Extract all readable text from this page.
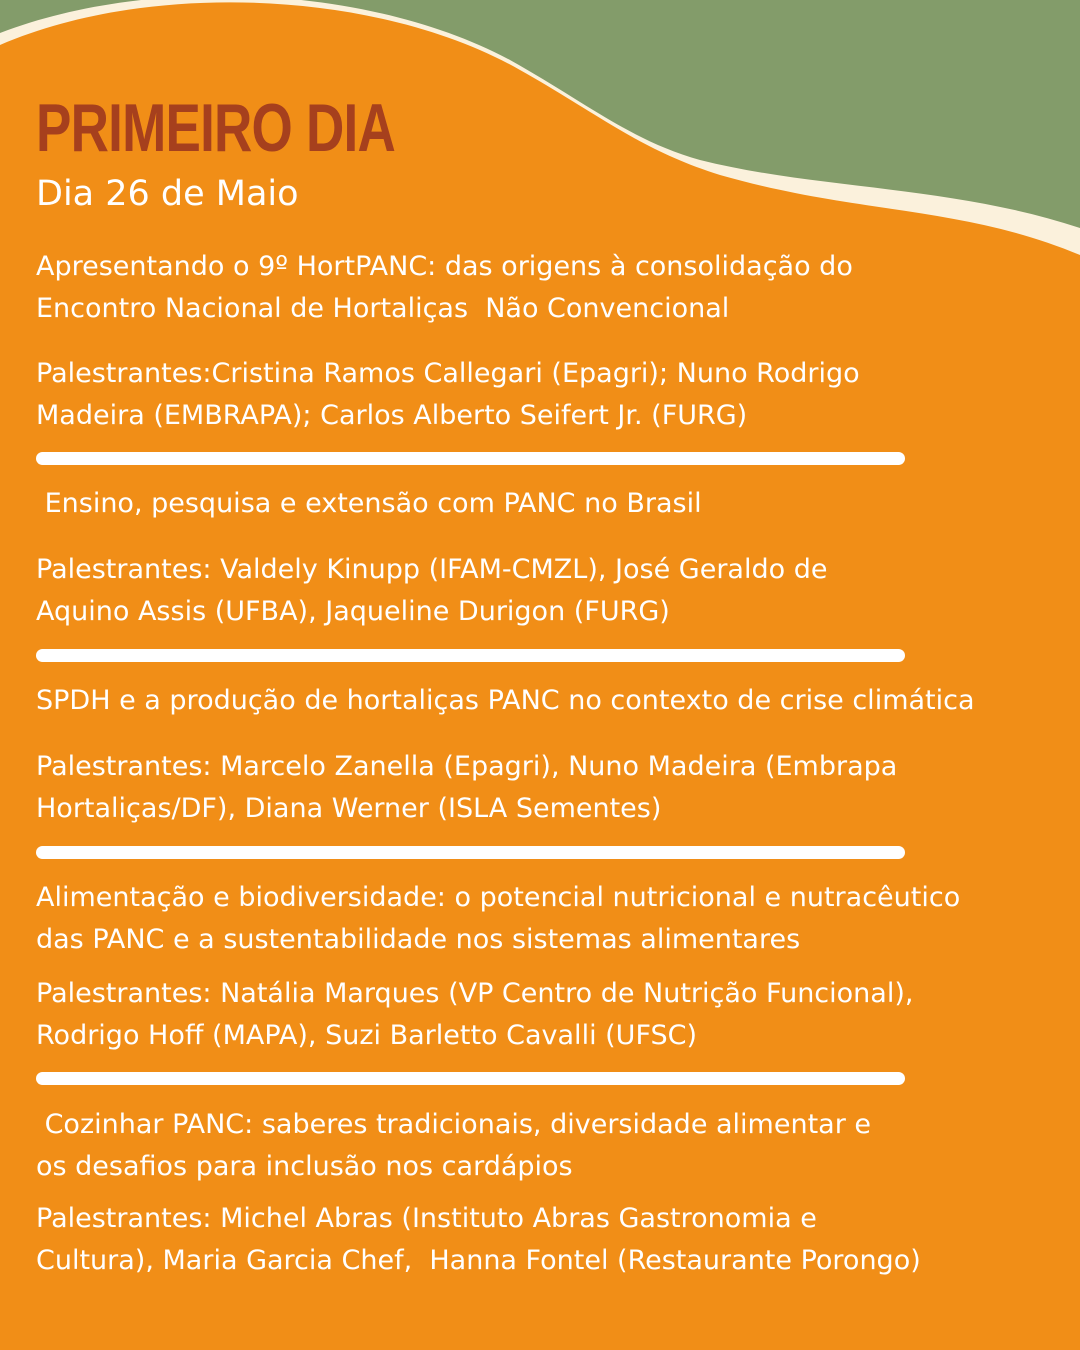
PRIMEIRO DIA
Dia 26 de Maio

Apresentando o 9º HortPANC: das origens à consolidação do
Encontro Nacional de Hortaliças  Não Convencional

Palestrantes:Cristina Ramos Callegari (Epagri); Nuno Rodrigo
Madeira (EMBRAPA); Carlos Alberto Seifert Jr. (FURG)

Ensino, pesquisa e extensão com PANC no Brasil

Palestrantes: Valdely Kinupp (IFAM-CMZL), José Geraldo de
Aquino Assis (UFBA), Jaqueline Durigon (FURG)

SPDH e a produção de hortaliças PANC no contexto de crise climática

Palestrantes: Marcelo Zanella (Epagri), Nuno Madeira (Embrapa
Hortaliças/DF), Diana Werner (ISLA Sementes)

Alimentação e biodiversidade: o potencial nutricional e nutracêutico
das PANC e a sustentabilidade nos sistemas alimentares

Palestrantes: Natália Marques (VP Centro de Nutrição Funcional),
Rodrigo Hoff (MAPA), Suzi Barletto Cavalli (UFSC)

Cozinhar PANC: saberes tradicionais, diversidade alimentar e
os desafios para inclusão nos cardápios

Palestrantes: Michel Abras (Instituto Abras Gastronomia e
Cultura), Maria Garcia Chef,  Hanna Fontel (Restaurante Porongo)
